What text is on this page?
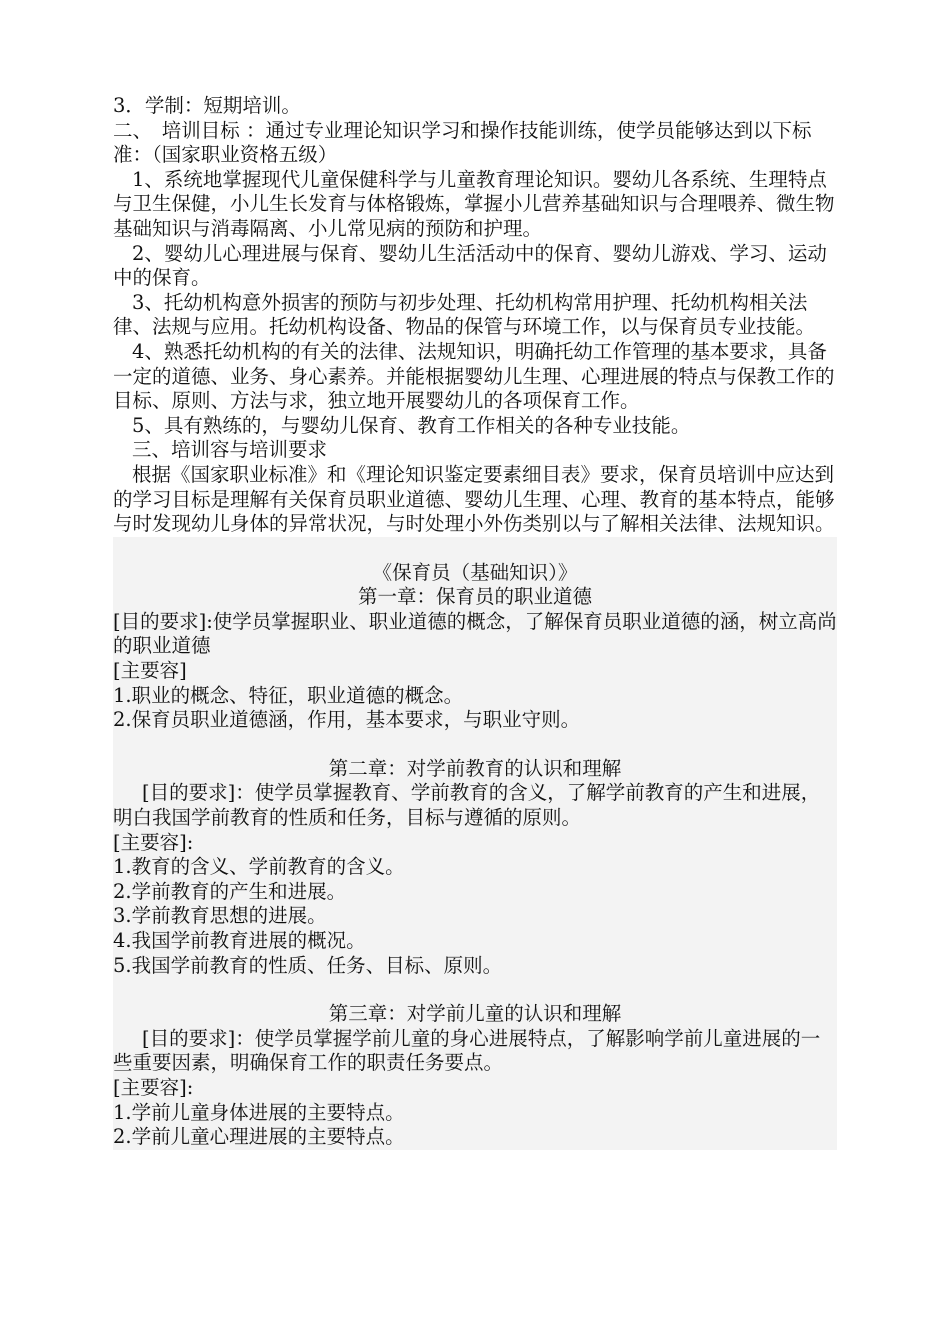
3．学制：短期培训。

二、　培训目标 ：通过专业理论知识学习和操作技能训练，使学员能够达到以下标准：（国家职业资格五级）

1、系统地掌握现代儿童保健科学与儿童教育理论知识。婴幼儿各系统、生理特点与卫生保健，小儿生长发育与体格锻炼，掌握小儿营养基础知识与合理喂养、微生物基础知识与消毒隔离、小儿常见病的预防和护理。

2、婴幼儿心理进展与保育、婴幼儿生活活动中的保育、婴幼儿游戏、学习、运动中的保育。

3、托幼机构意外损害的预防与初步处理、托幼机构常用护理、托幼机构相关法律、法规与应用。托幼机构设备、物品的保管与环境工作，以与保育员专业技能。

4、熟悉托幼机构的有关的法律、法规知识，明确托幼工作管理的基本要求，具备一定的道德、业务、身心素养。并能根据婴幼儿生理、心理进展的特点与保教工作的目标、原则、方法与求，独立地开展婴幼儿的各项保育工作。

5、具有熟练的，与婴幼儿保育、教育工作相关的各种专业技能。

三、培训容与培训要求

根据《国家职业标准》和《理论知识鉴定要素细目表》要求，保育员培训中应达到的学习目标是理解有关保育员职业道德、婴幼儿生理、心理、教育的基本特点，能够与时发现幼儿身体的异常状况，与时处理小外伤类别以与了解相关法律、法规知识。

《保育员（基础知识）》

第一章：保育员的职业道德

[目的要求]:使学员掌握职业、职业道德的概念，了解保育员职业道德的涵，树立高尚的职业道德

[主要容]

1.职业的概念、特征，职业道德的概念。

2.保育员职业道德涵，作用，基本要求，与职业守则。

第二章：对学前教育的认识和理解

[目的要求]：使学员掌握教育、学前教育的含义，了解学前教育的产生和进展，明白我国学前教育的性质和任务，目标与遵循的原则。

[主要容]:

1.教育的含义、学前教育的含义。

2.学前教育的产生和进展。

3.学前教育思想的进展。

4.我国学前教育进展的概况。

5.我国学前教育的性质、任务、目标、原则。

第三章：对学前儿童的认识和理解

[目的要求]：使学员掌握学前儿童的身心进展特点，了解影响学前儿童进展的一些重要因素，明确保育工作的职责任务要点。

[主要容]:

1.学前儿童身体进展的主要特点。

2.学前儿童心理进展的主要特点。
